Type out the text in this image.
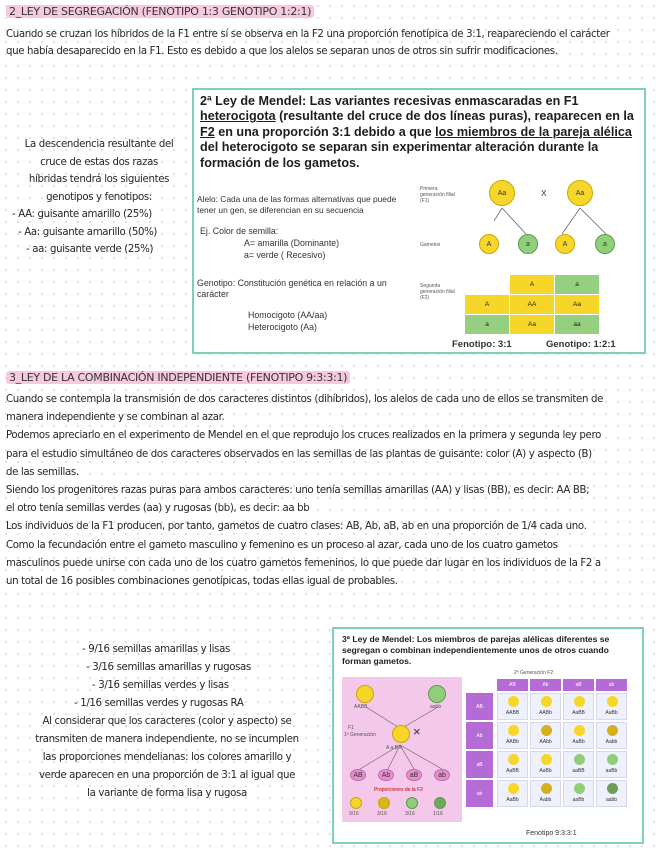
2_LEY DE SEGREGACIÓN (FENOTIPO 1:3 GENOTIPO 1:2:1)

Cuando se cruzan los híbridos de la F1 entre sí se observa en la F2 una proporción fenotípica de 3:1, reapareciendo el carácter

que había desaparecido en la F1. Esto es debido a que los alelos se separan unos de otros sin sufrir modificaciones.

La descendencia resultante del
cruce de estas dos razas
híbridas tendrá los siguientes
genotipos y fenotipos:
- AA: guisante amarillo (25%)
- Aa: guisante amarillo (50%)
- aa: guisante verde (25%)
2ª Ley de Mendel: Las variantes recesivas enmascaradas en F1 heterocigota (resultante del cruce de dos líneas puras), reaparecen en la F2 en una proporción 3:1 debido a que los miembros de la pareja alélica del heterocigoto se separan sin experimentar alteración durante la formación de los gametos.
Alelo: Cada una de las formas alternativas que puede tener un gen, se diferencian en su secuencia
Ej. Color de semilla:
A= amarilla (Dominante)
a= verde ( Recesivo)
Genotipo: Constitución genética en relación a un carácter
Homocigoto (AA/aa)
Heterocigoto (Aa)
Primera generación filial (F1)
Aa	X	Aa
Gametos	A	a	A	a
Segunda generación filial (F2)
	A	a
A	AA	Aa
a	Aa	aa
Fenotipo: 3:1	Genotipo: 1:2:1
3_LEY DE LA COMBINACIÓN INDEPENDIENTE (FENOTIPO 9:3:3:1)

Cuando se contempla la transmisión de dos caracteres distintos (dihíbridos), los alelos de cada uno de ellos se transmiten de

manera independiente y se combinan al azar.

Podemos apreciarlo en el experimento de Mendel en el que reprodujo los cruces realizados en la primera y segunda ley pero

para el estudio simultáneo de dos caracteres observados en las semillas de las plantas de guisante: color (A) y aspecto (B)

de las semillas.

Siendo los progenitores razas puras para ambos caracteres: uno tenía semillas amarillas (AA) y lisas (BB), es decir: AA BB;

el otro tenía semillas verdes (aa) y rugosas (bb), es decir: aa bb

Los individuos de la F1 producen, por tanto, gametos de cuatro clases: AB, Ab, aB, ab en una proporción de 1/4 cada uno.

Como la fecundación entre el gameto masculino y femenino es un proceso al azar, cada uno de los cuatro gametos

masculinos puede unirse con cada uno de los cuatro gametos femeninos, lo que puede dar lugar en los individuos de la F2 a

un total de 16 posibles combinaciones genotípicas, todas ellas igual de probables.

- 9/16 semillas amarillas y lisas
- 3/16 semillas amarillas y rugosas
- 3/16 semillas verdes y lisas
- 1/16 semillas verdes y rugosas RA
Al considerar que los caracteres (color y aspecto) se
transmiten de manera independiente, no se incumplen
las proporciones mendelianas: los colores amarillo y
verde aparecen en una proporción de 3:1 al igual que
la variante de forma lisa y rugosa
3ª Ley de Mendel: Los miembros de parejas alélicas diferentes se segregan o combinan independientemente unos de otros cuando forman gametos.
AABB	aabb
F1
1ª Generación	×
A a B b
AB	Ab	aB	ab
Proporciones de la F2
9/16	3/16	3/16	1/16
2ª Generación F2
AB	Ab	aB	ab
AB
AABB	AABb	AaBB	AaBb
Ab
AABb	AAbb	AaBb	Aabb
aB
AaBB	AaBb	aaBB	aaBb
ab
AaBb	Aabb	aaBb	aabb
Fenotipo 9:3:3:1
